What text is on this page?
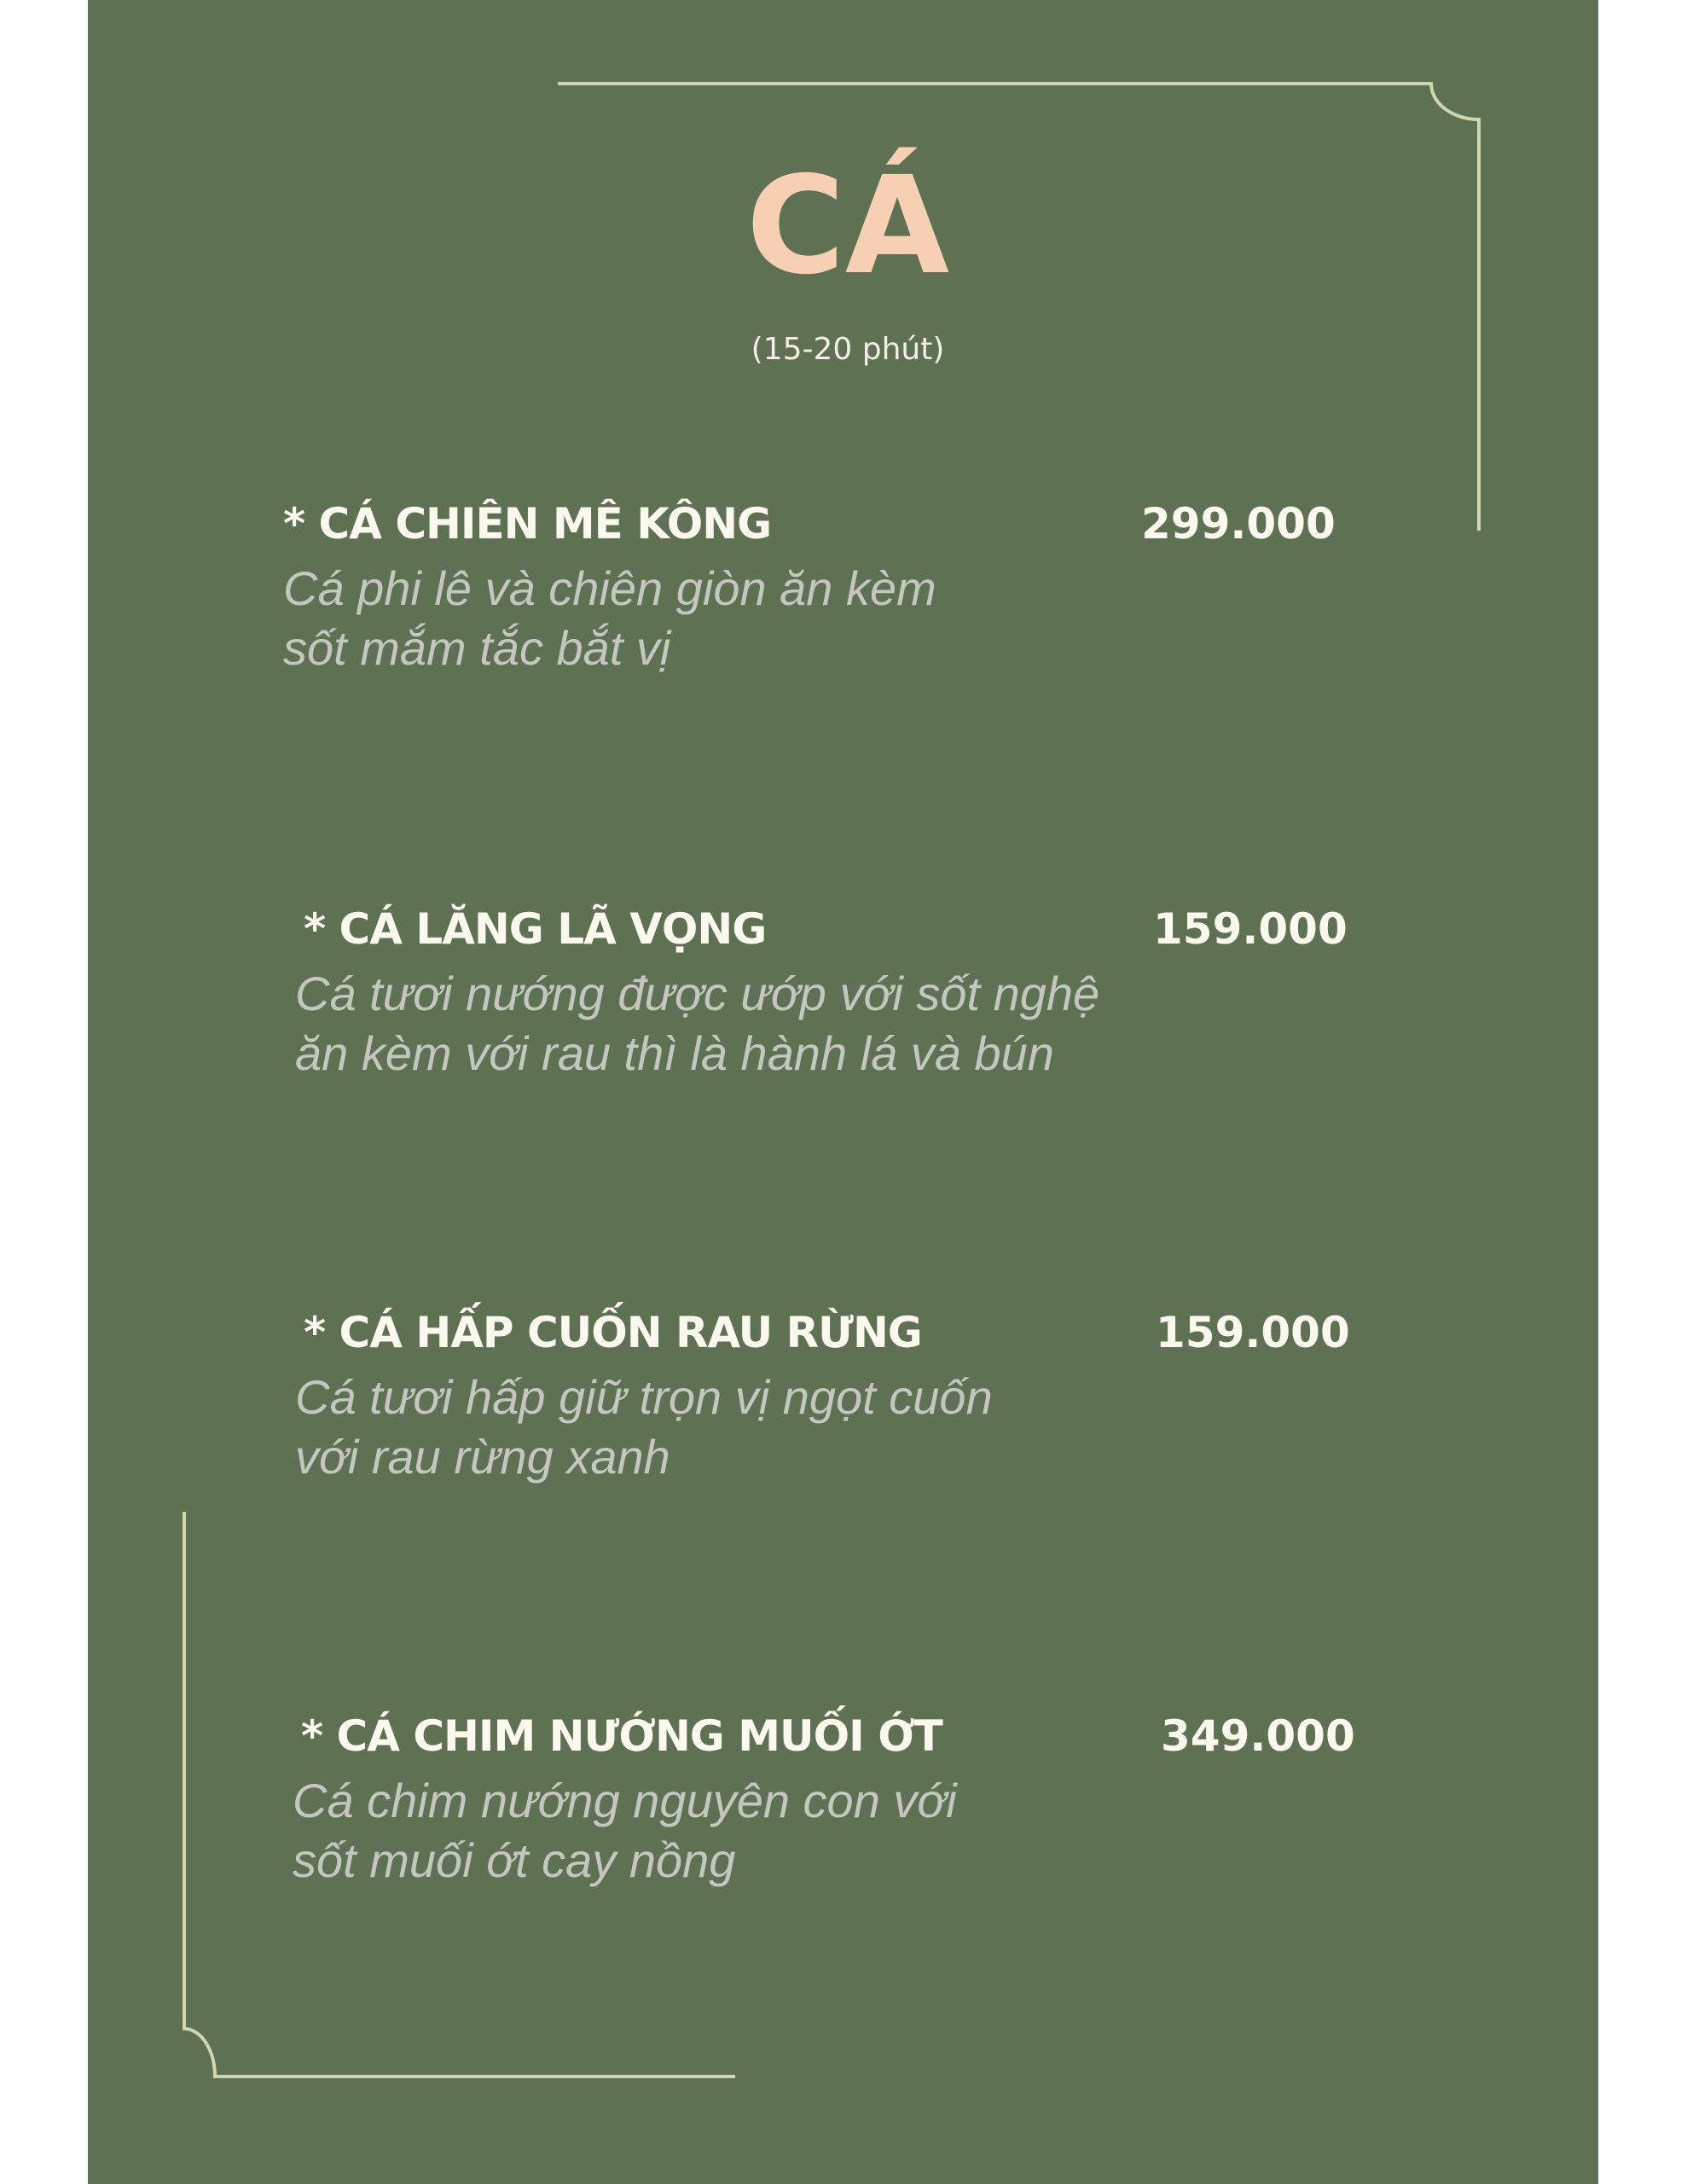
CÁ
(15-20 phút)
* CÁ CHIÊN MÊ KÔNG	299.000
Cá phi lê và chiên giòn ăn kèm
sốt mắm tắc bắt vị
* CÁ LĂNG LÃ VỌNG	159.000
Cá tươi nướng được ướp với sốt nghệ
ăn kèm với rau thì là hành lá và bún
* CÁ HẤP CUỐN RAU RỪNG	159.000
Cá tươi hấp giữ trọn vị ngọt cuốn
với rau rừng xanh
* CÁ CHIM NƯỚNG MUỐI ỚT	349.000
Cá chim nướng nguyên con với
sốt muối ớt cay nồng
